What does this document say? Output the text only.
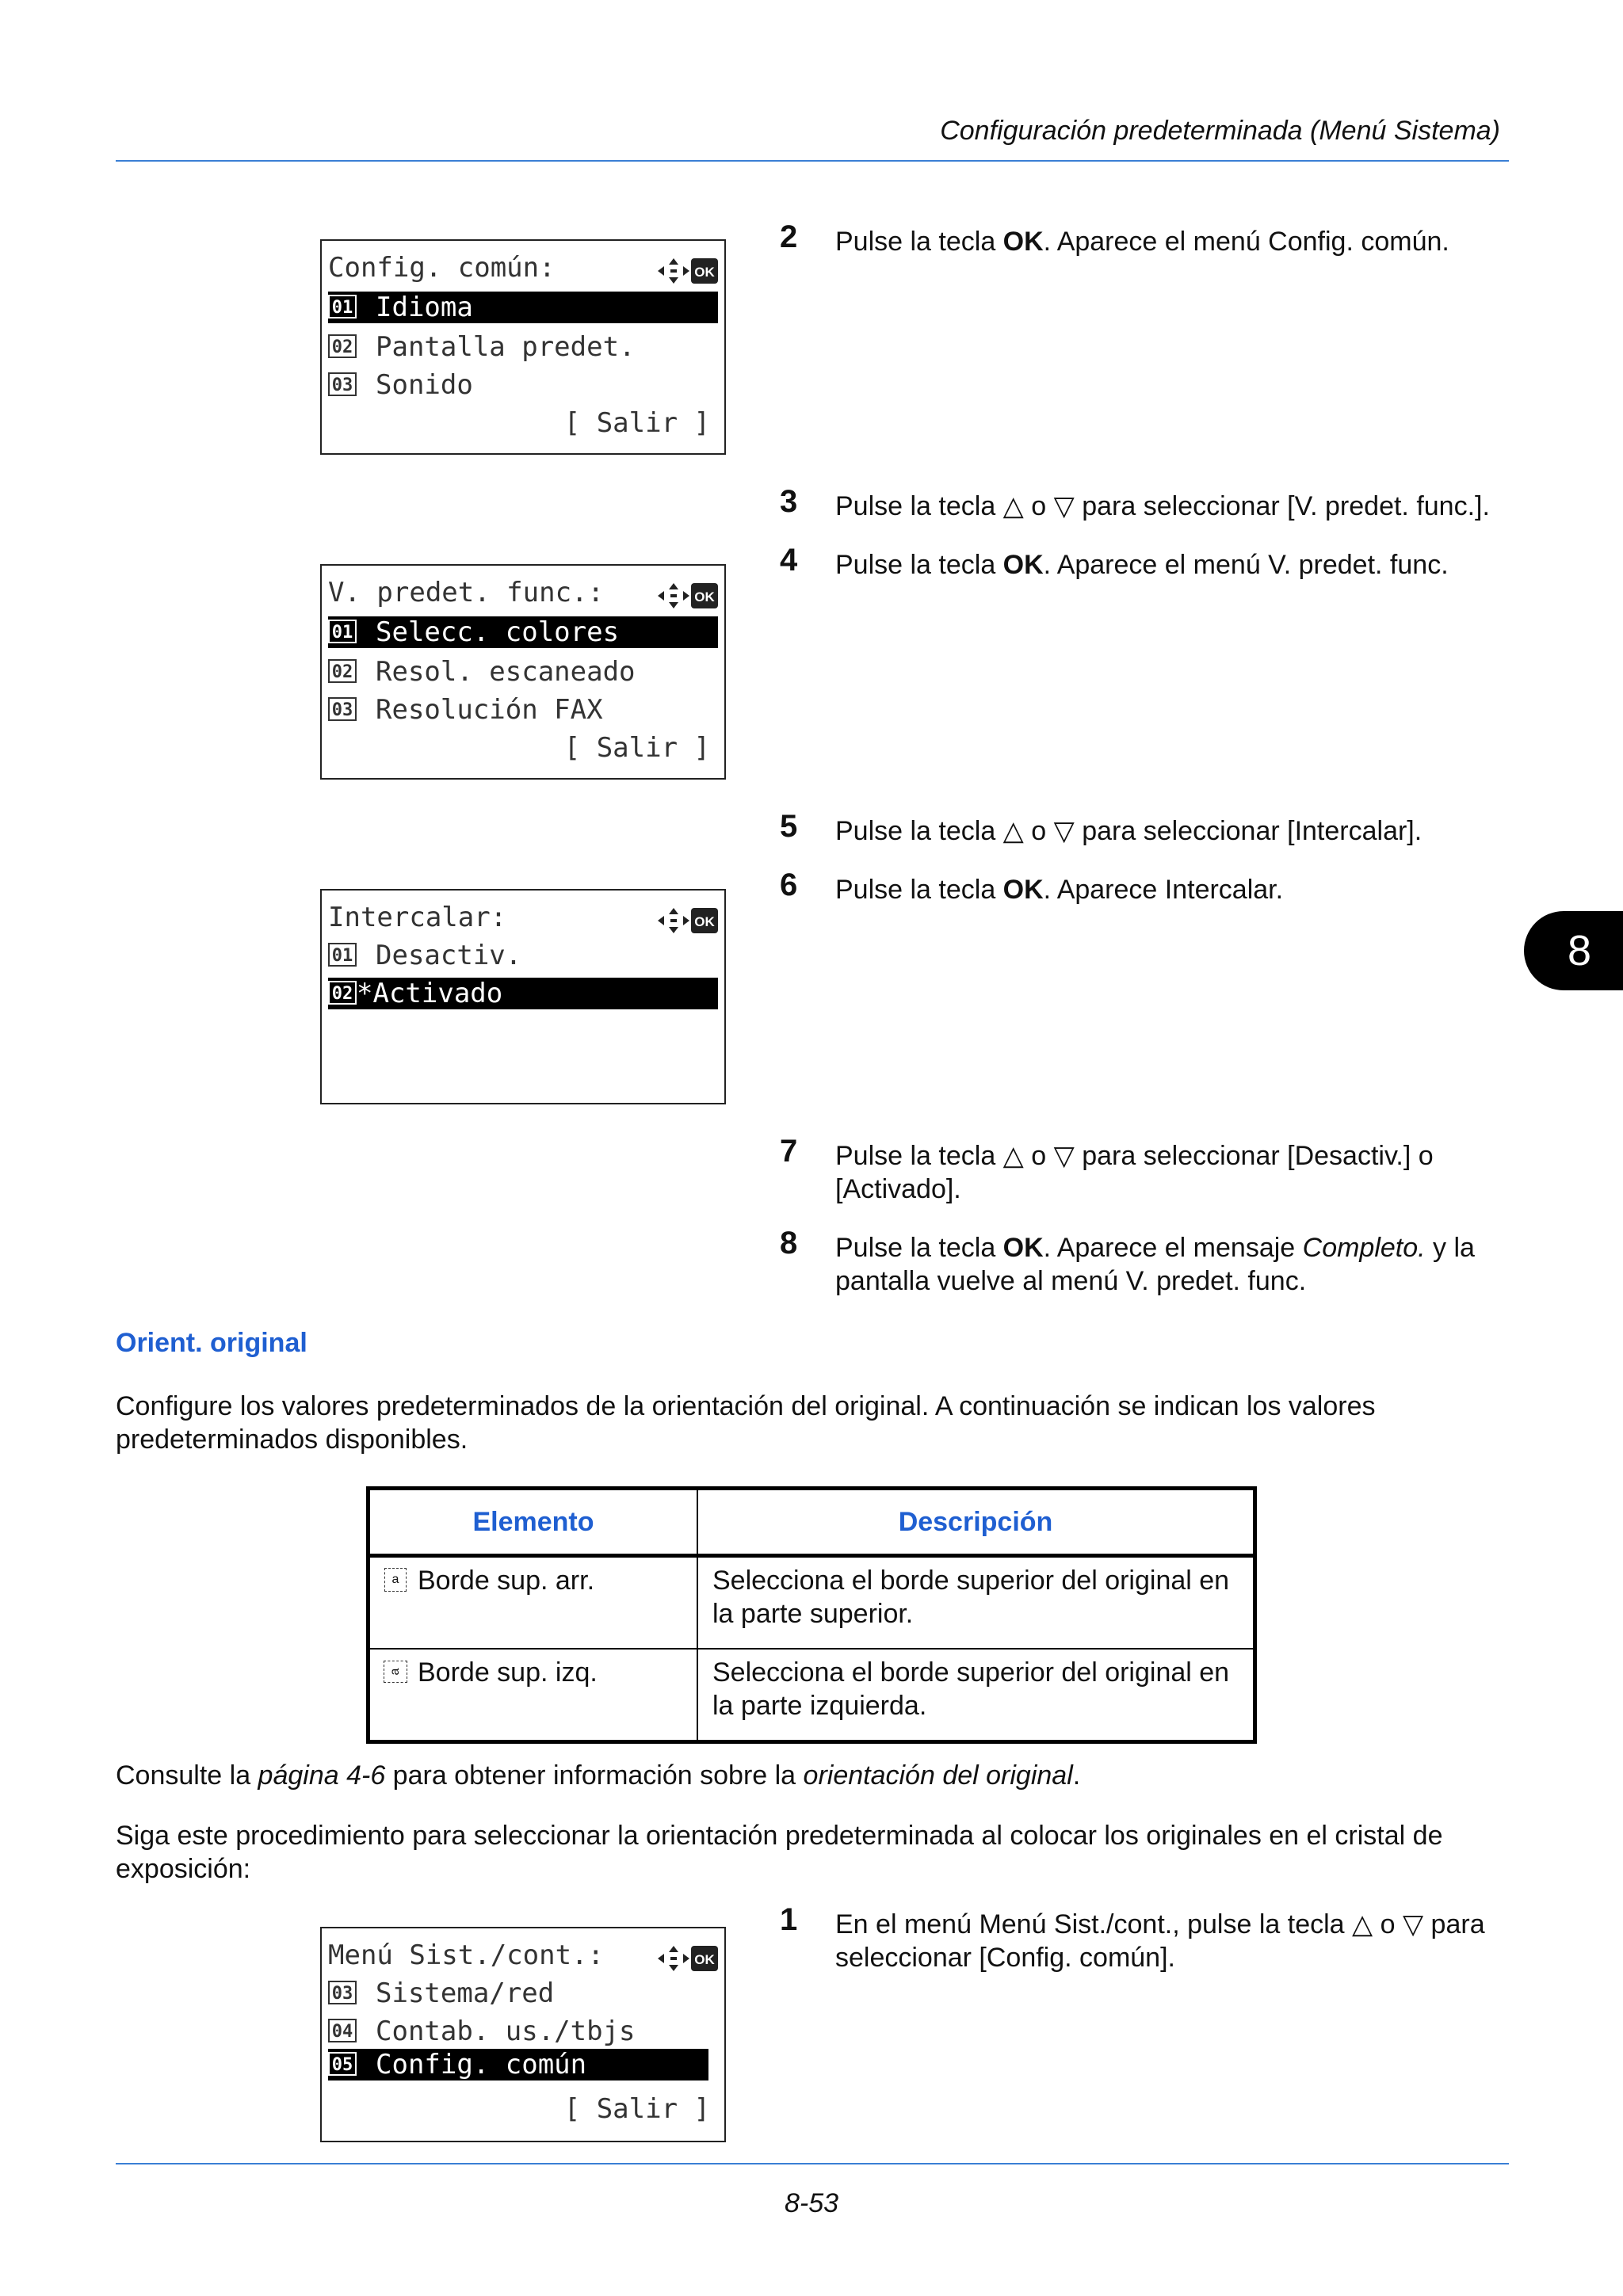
Configuración predeterminada (Menú Sistema)
8
Config. común:	OK
01 Idioma
02 Pantalla predet.
03 Sonido
[ Salir ]
V. predet. func.:	OK
01 Selecc. colores
02 Resol. escaneado
03 Resolución FAX
[ Salir ]
Intercalar:	OK
01 Desactiv.
02 *Activado
2 Pulse la tecla OK. Aparece el menú Config. común.
3 Pulse la tecla △ o ▽ para seleccionar [V. predet. func.].
4 Pulse la tecla OK. Aparece el menú V. predet. func.
5 Pulse la tecla △ o ▽ para seleccionar [Intercalar].
6 Pulse la tecla OK. Aparece Intercalar.
7 Pulse la tecla △ o ▽ para seleccionar [Desactiv.] o [Activado].
8 Pulse la tecla OK. Aparece el mensaje Completo. y la pantalla vuelve al menú V. predet. func.
Orient. original
Configure los valores predeterminados de la orientación del original. A continuación se indican los valores predeterminados disponibles.
Elemento	Descripción
a Borde sup. arr.	Selecciona el borde superior del original en la parte superior.
a Borde sup. izq.	Selecciona el borde superior del original en la parte izquierda.
Consulte la página 4-6 para obtener información sobre la orientación del original.
Siga este procedimiento para seleccionar la orientación predeterminada al colocar los originales en el cristal de exposición:
Menú Sist./cont.:	OK
03 Sistema/red
04 Contab. us./tbjs
05 Config. común
[ Salir ]
1 En el menú Menú Sist./cont., pulse la tecla △ o ▽ para seleccionar [Config. común].
8-53
